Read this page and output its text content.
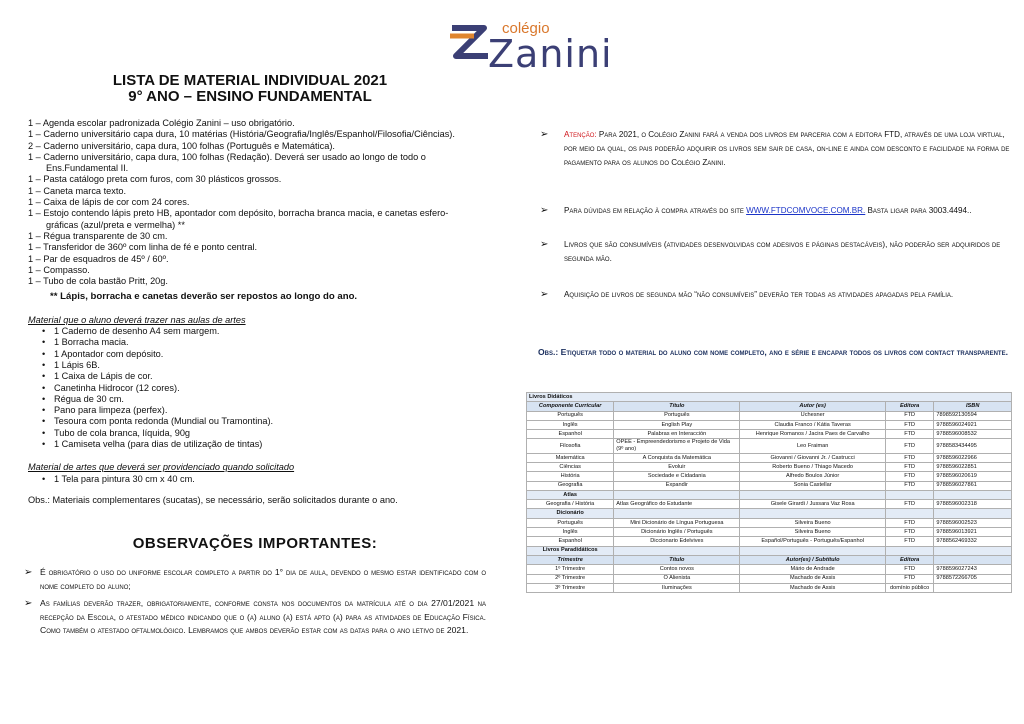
colégio
Zanini
LISTA DE MATERIAL INDIVIDUAL 2021
9° ANO – ENSINO FUNDAMENTAL

1 – Agenda escolar padronizada Colégio Zanini – uso obrigatório.

1 – Caderno universitário capa dura, 10 matérias (História/Geografia/Inglês/Espanhol/Filosofia/Ciências).

2 – Caderno universitário, capa dura, 100 folhas (Português e Matemática).

1 – Caderno universitário, capa dura, 100 folhas (Redação). Deverá ser usado ao longo de todo o

Ens.Fundamental II.

1 – Pasta catálogo preta com furos, com 30 plásticos grossos.

1 – Caneta marca texto.

1 – Caixa de lápis de cor com 24 cores.

1 – Estojo contendo lápis preto HB, apontador com depósito, borracha branca macia, e canetas esfero-

gráficas (azul/preta e vermelha) **

1 – Régua transparente de 30 cm.

1 – Transferidor de 360º com linha de fé e ponto central.

1 – Par de esquadros de 45º / 60º.

1 – Compasso.

1 – Tubo de cola bastão Pritt, 20g.

** Lápis, borracha e canetas deverão ser repostos ao longo do ano.

Material que o aluno deverá trazer nas aulas de artes

• 1 Caderno de desenho A4 sem margem.
• 1 Borracha macia.
• 1 Apontador com depósito.
• 1 Lápis 6B.
• 1 Caixa de Lápis de cor.
• Canetinha Hidrocor (12 cores).
• Régua de 30 cm.
• Pano para limpeza (perfex).
• Tesoura com ponta redonda (Mundial ou Tramontina).
• Tubo de cola branca, líquida, 90g
• 1 Camiseta velha (para dias de utilização de tintas)

Material de artes que deverá ser providenciado quando solicitado

• 1 Tela para pintura 30 cm x 40 cm.

Obs.: Materiais complementares (sucatas), se necessário, serão solicitados durante o ano.

OBSERVAÇÕES IMPORTANTES:
➢ É obrigatório o uso do uniforme escolar completo a partir do 1° dia de aula, devendo o mesmo estar identificado com o nome completo do aluno;
➢ As famílias deverão trazer, obrigatoriamente, conforme consta nos documentos da matrícula até o dia 27/01/2021 na recepção da Escola, o atestado médico indicando que o (a) aluno (a) está apto (a) para as atividades de Educação Física. Como também o atestado oftalmológico. Lembramos que ambos deverão estar com as datas para o ano letivo de 2021.
➢ Atenção: Para 2021, o Colégio Zanini fará a venda dos livros em parceria com a editora FTD, através de uma loja virtual, por meio da qual, os pais poderão adquirir os livros sem sair de casa, on-line e ainda com desconto e facilidade na forma de pagamento para os alunos do Colégio Zanini.
➢ Para dúvidas em relação à compra através do site WWW.FTDCOMVOCE.COM.BR. Basta ligar para 3003.4494..
➢ Livros que são consumíveis (atividades desenvolvidas com adesivos e páginas destacáveis), não poderão ser adquiridos de segunda mão.
➢ Aquisição de livros de segunda mão “não consumíveis” deverão ter todas as atividades apagadas pela família.
Obs.: Etiquetar todo o material do aluno com nome completo, ano e série e encapar todos os livros com contact transparente.
Livros Didáticos				
Componente Curricular	Título	Autor (es)	Editora	ISBN
Português	Português	Uchesner	FTD	7898592130594
Inglês	English Play	Claudia Franco / Kátia Taveras	FTD	9788596024921
Espanhol	Palabras en Interacción	Henrique Romanos / Jacira Paes de Carvalho	FTD	9788596008532
Filosofia	OPEE - Empreendedorismo e Projeto de Vida (9º ano)	Leo Fraiman	FTD	9788583434495
Matemática	A Conquista da Matemática	Giovanni / Giovanni Jr. / Castrucci	FTD	9788596022966
Ciências	Evoluir	Roberto Bueno / Thiago Macedo	FTD	9788596022851
História	Sociedade e Cidadania	Alfredo Boulos Júnior	FTD	9788596020619
Geografia	Expandir	Sonia Castellar	FTD	9788596027861
Atlas				
Geografia / História	Atlas Geográfico do Estudante	Gisele Girardi / Jussara Vaz Rosa	FTD	9788596002318
Dicionário				
Português	Mini Dicionário de Língua Portuguesa	Silveira Bueno	FTD	9788596002523
Inglês	Dicionário Inglês / Português	Silveira Bueno	FTD	9788596013921
Espanhol	Diccionario Edelvives	Español/Português - Português/Espanhol	FTD	9788562469332
Livros Paradidáticos				
Trimestre	Título	Autor(es) / Subtítulo	Editora	
1º Trimestre	Contos novos	Mário de Andrade	FTD	9788596027243
2º Trimestre	O Alienista	Machado de Assis	FTD	9788572266705
3º Trimestre	Iluminações	Machado de Assis	domínio público	
